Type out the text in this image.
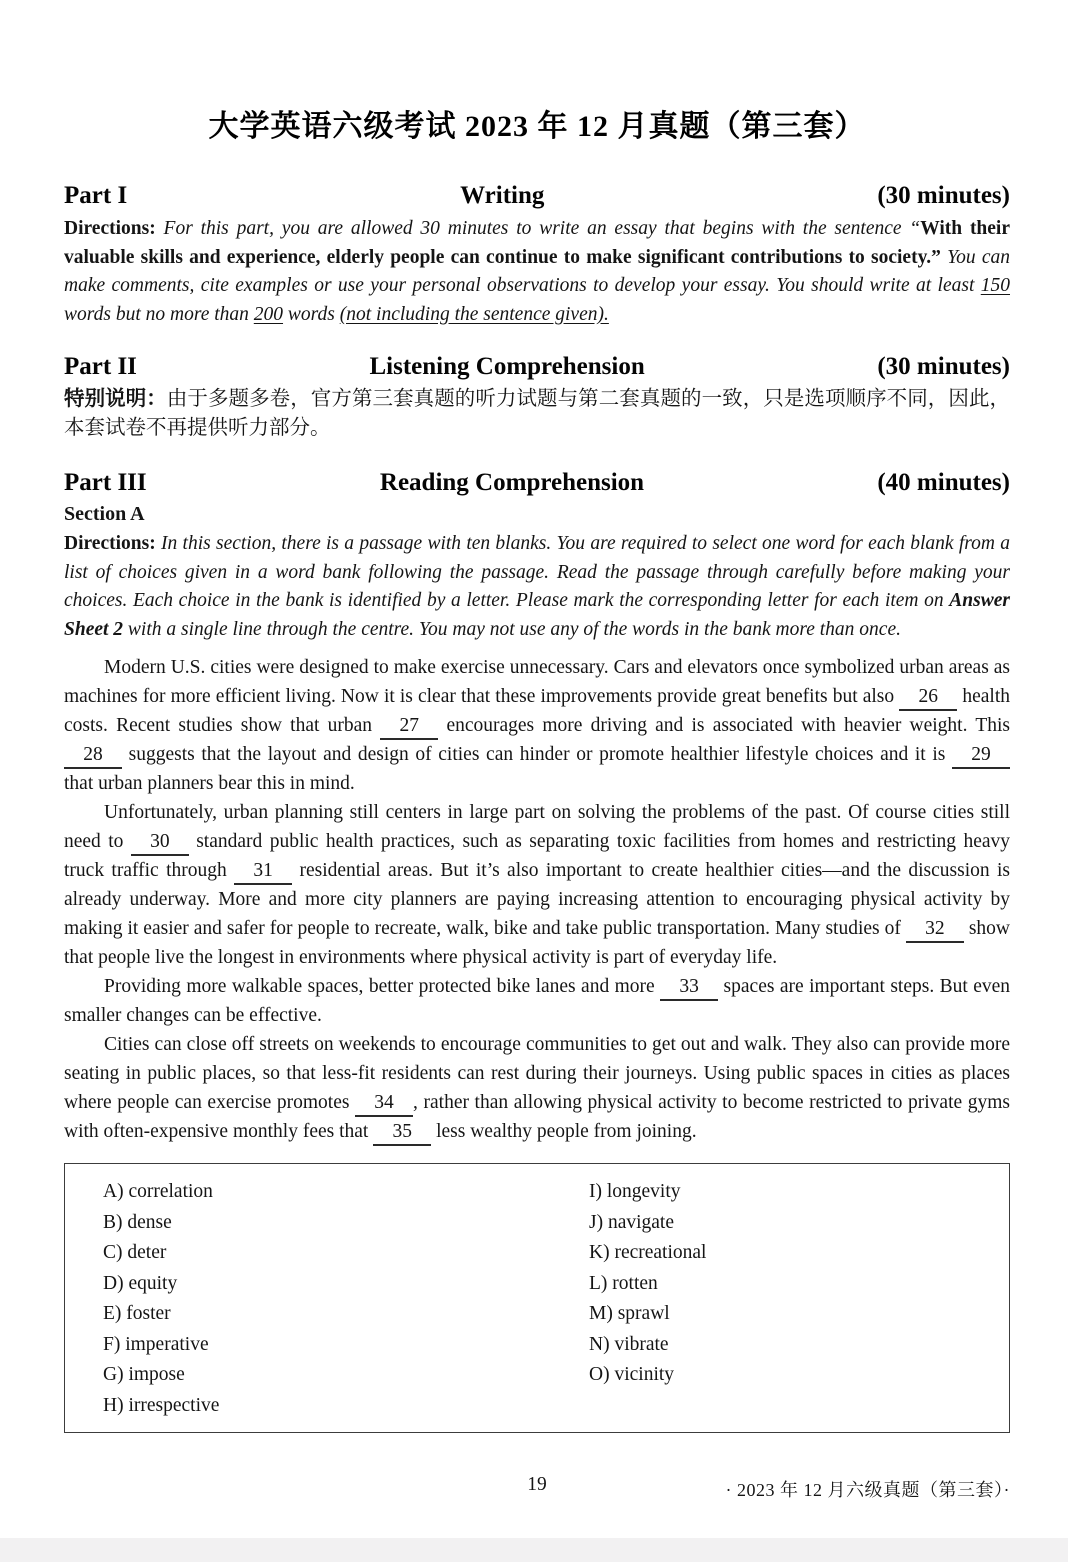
大学英语六级考试 2023 年 12 月真题（第三套）
Part I	Writing	(30 minutes)

Directions: For this part, you are allowed 30 minutes to write an essay that begins with the sentence “With their valuable skills and experience, elderly people can continue to make significant contributions to society.” You can make comments, cite examples or use your personal observations to develop your essay. You should write at least 150 words but no more than 200 words (not including the sentence given).

Part II	Listening Comprehension	(30 minutes)

特别说明：由于多题多卷，官方第三套真题的听力试题与第二套真题的一致，只是选项顺序不同，因此，本套试卷不再提供听力部分。

Part III	Reading Comprehension	(40 minutes)
Section A

Directions: In this section, there is a passage with ten blanks. You are required to select one word for each blank from a list of choices given in a word bank following the passage. Read the passage through carefully before making your choices. Each choice in the bank is identified by a letter. Please mark the corresponding letter for each item on Answer Sheet 2 with a single line through the centre. You may not use any of the words in the bank more than once.

Modern U.S. cities were designed to make exercise unnecessary. Cars and elevators once symbolized urban areas as machines for more efficient living. Now it is clear that these improvements provide great benefits but also 26 health costs. Recent studies show that urban 27 encourages more driving and is associated with heavier weight. This 28 suggests that the layout and design of cities can hinder or promote healthier lifestyle choices and it is 29 that urban planners bear this in mind.

Unfortunately, urban planning still centers in large part on solving the problems of the past. Of course cities still need to 30 standard public health practices, such as separating toxic facilities from homes and restricting heavy truck traffic through 31 residential areas. But it’s also important to create healthier cities—and the discussion is already underway. More and more city planners are paying increasing attention to encouraging physical activity by making it easier and safer for people to recreate, walk, bike and take public transportation. Many studies of 32 show that people live the longest in environments where physical activity is part of everyday life.

Providing more walkable spaces, better protected bike lanes and more 33 spaces are important steps. But even smaller changes can be effective.

Cities can close off streets on weekends to encourage communities to get out and walk. They also can provide more seating in public places, so that less-fit residents can rest during their journeys. Using public spaces in cities as places where people can exercise promotes 34 , rather than allowing physical activity to become restricted to private gyms with often-expensive monthly fees that 35 less wealthy people from joining.

A) correlation
B) dense
C) deter
D) equity
E) foster
F) imperative
G) impose
H) irrespective
I) longevity
J) navigate
K) recreational
L) rotten
M) sprawl
N) vibrate
O) vicinity
19	· 2023 年 12 月六级真题（第三套）·
